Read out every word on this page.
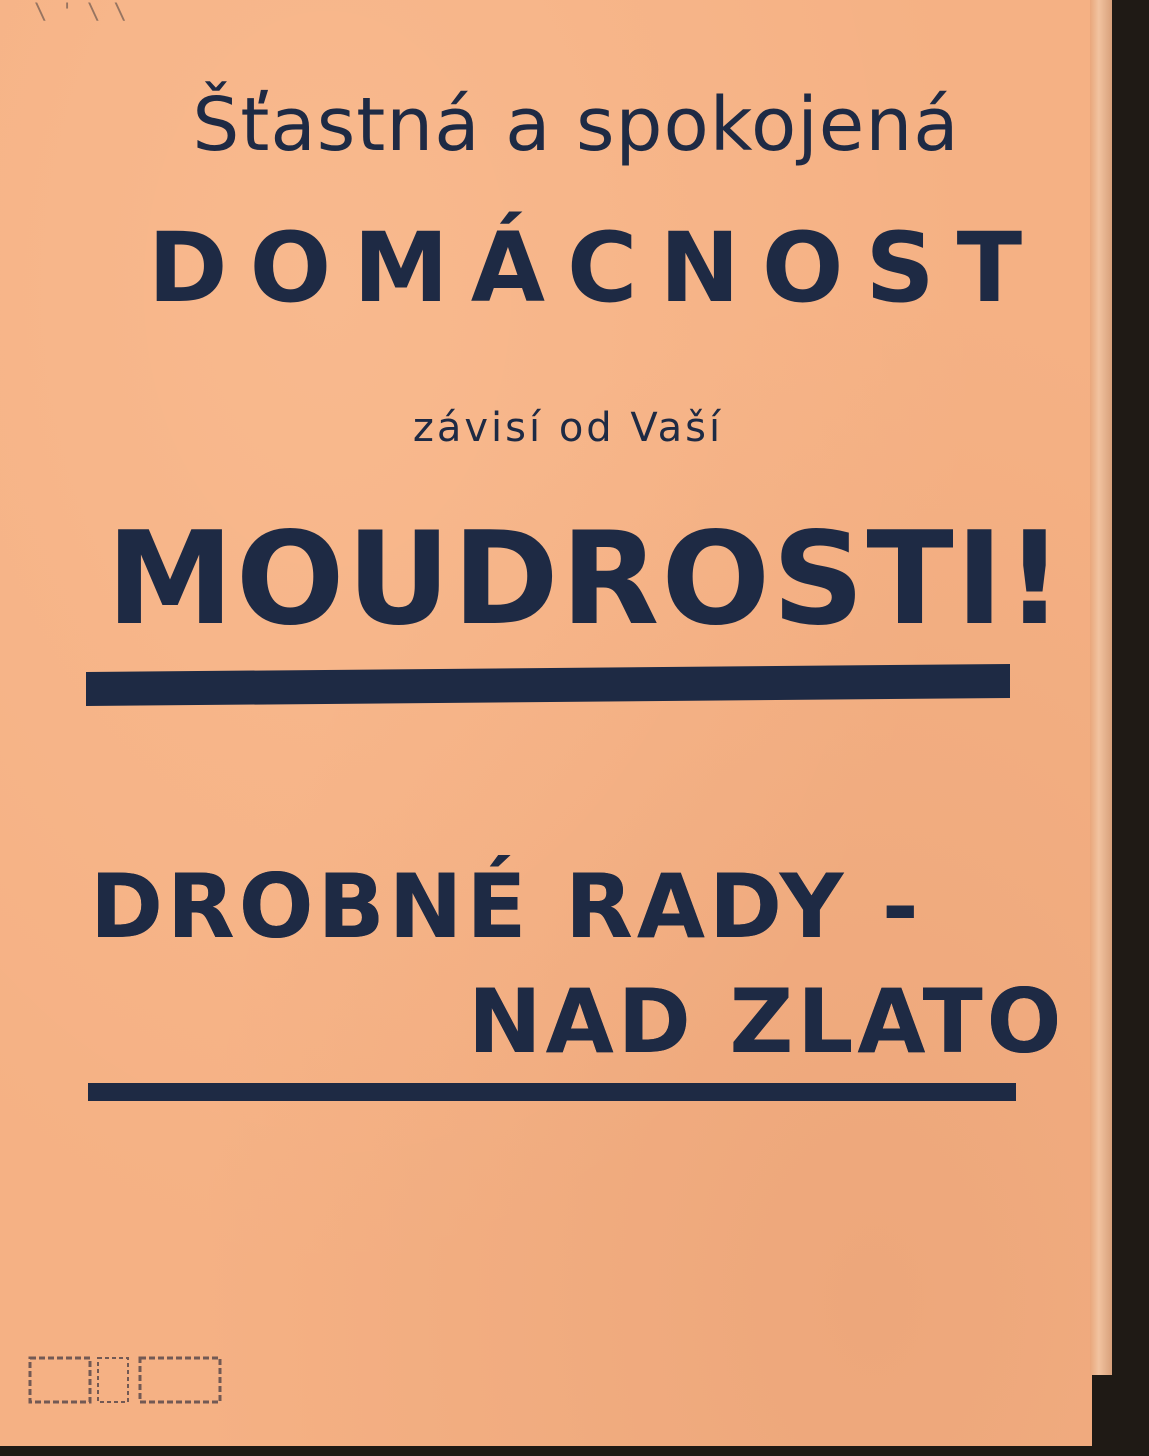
\ ' \ \
Šťastná a spokojená
DOMÁCNOST
závisí od Vaší
MOUDROSTI!
DROBNÉ RADY -
NAD ZLATO
